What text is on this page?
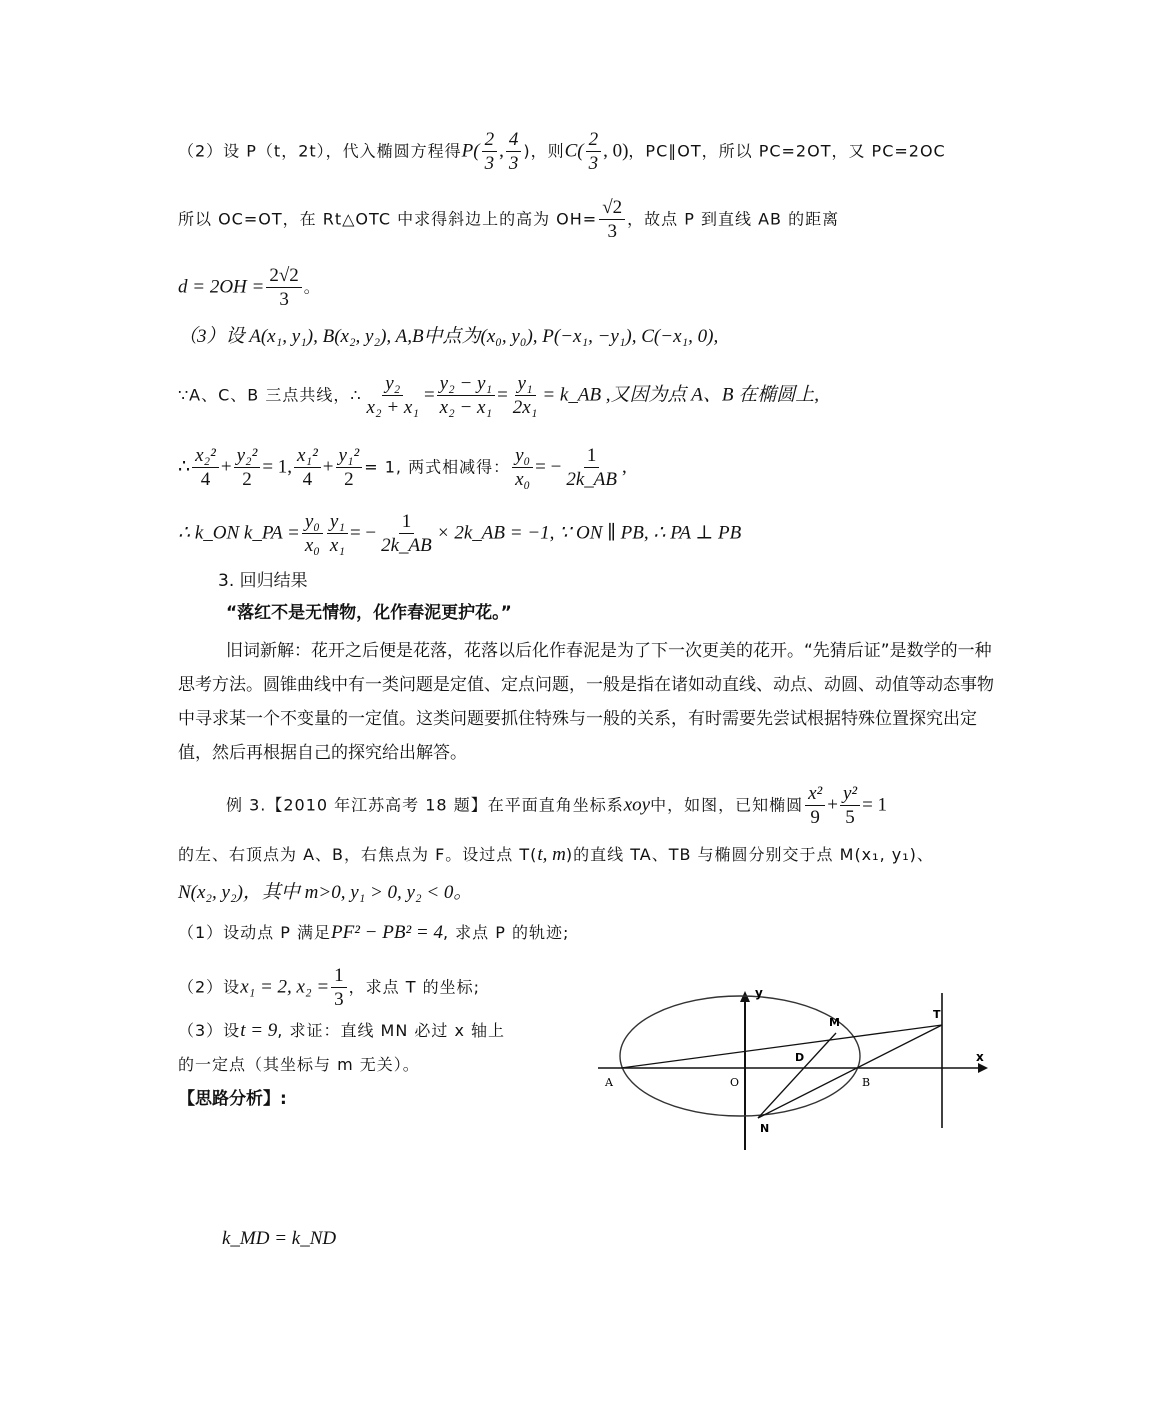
（2）设 P（t，2t），代入椭圆方程得$P( \frac{2}{3}$ , $\frac{4}{3}$ )，则$C( \frac{2}{3}$ , 0)，PC∥OT，所以 PC=2OT，又 PC=2OC
所以 OC=OT，在 Rt△OTC 中求得斜边上的高为 $OH= \frac{√2}{3}$ ，故点 P 到直线 AB 的距离
$d = 2OH = \frac{2√2}{3}$ 。
（3）设 A(x₁, y₁), B(x₂, y₂), A,B中点为(x₀, y₀), P(−x₁, −y₁), C(−x₁, 0),
∵A、C、B 三点共线，∴ $\frac{\text{y₂}}{\text{x₂ + x₁}} = \frac{\text{y₂ − y₁}}{\text{x₂ − x₁}} = \frac{\text{y₁}}{\text{2x₁}}$ = k_AB ,又因为点 A、B 在椭圆上,
∴ $\frac{\text{x₂²}}{4} + \frac{\text{y₂²}}{2} = 1$, $\frac{\text{x₁²}}{4} + \frac{\text{y₁²}}{2} = 1$, 两式相减得： $\frac{\text{y₀}}{\text{x₀}}$ = − $\frac{1}{2k\_AB}$ ,
∴ k_ON k_PA = $\frac{\text{y₀}}{\text{x₀}} \frac{\text{y₁}}{\text{x₁}}$ = − $\frac{1}{2k\_AB}$ × 2k_AB = −1, ∵ ON ∥ PB, ∴ PA ⊥ PB
3. 回归结果
“落红不是无情物，化作春泥更护花。”
旧词新解：花开之后便是花落，花落以后化作春泥是为了下一次更美的花开。“先猜后证”是数学的一种思考方法。圆锥曲线中有一类问题是定值、定点问题，一般是指在诸如动直线、动点、动圆、动值等动态事物中寻求某一个不变量的一定值。这类问题要抓住特殊与一般的关系，有时需要先尝试根据特殊位置探究出定值，然后再根据自己的探究给出解答。
例 3.【2010 年江苏高考 18 题】在平面直角坐标系xoy中，如图，已知椭圆 $\frac{\text{x²}}{9} + \frac{\text{y²}}{5} = 1$
的左、右顶点为 A、B，右焦点为 F。设过点 T(t, m)的直线 TA、TB 与椭圆分别交于点 M(x₁, y₁)、
N(x₂, y₂)，其中 m>0, y₁ > 0, y₂ < 0。
（1）设动点 P 满足PF² − PB² = 4, 求点 P 的轨迹;
（2）设x₁ = 2, $x_2 = \frac{1}{3}$ ，求点 T 的坐标;
（3）设t = 9, 求证：直线 MN 必过 x 轴上
的一定点（其坐标与 m 无关）。
【思路分析】:
k_MD = k_ND
y
x
M
T
D
A	O	B
N
